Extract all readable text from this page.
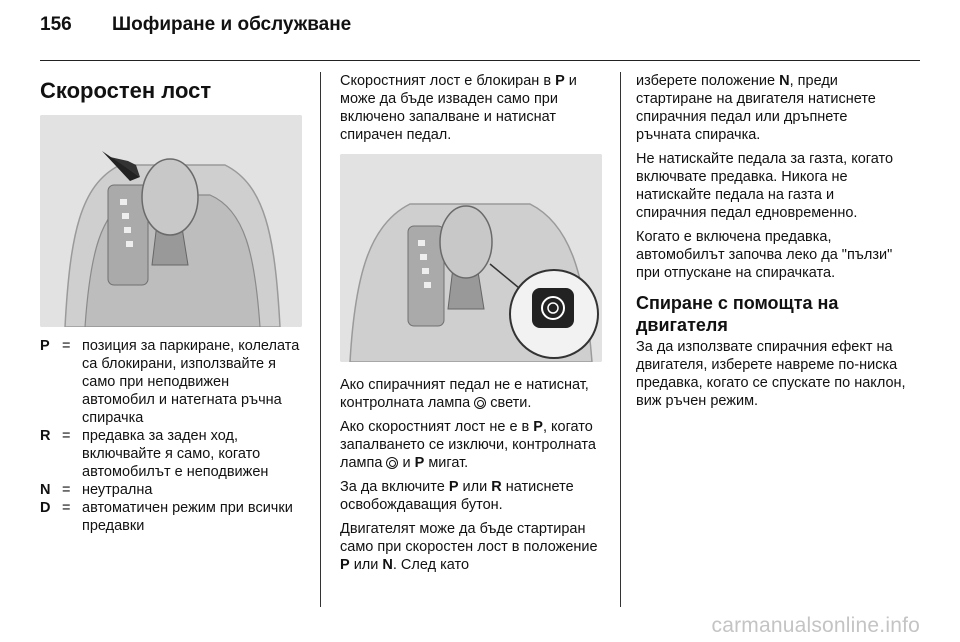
156 Шофиране и обслужване
Скоростен лост
P	=	позиция за паркиране, колелата са блокирани, използвайте я само при неподвижен автомобил и натегната ръчна спирачка
R	=	предавка за заден ход, включвайте я само, когато автомобилът е неподвижен
N	=	неутрална
D	=	автоматичен режим при всички предавки

Скоростният лост е блокиран в P и може да бъде изваден само при включено запалване и натиснат спирачен педал.

Ако спирачният педал не е натиснат, контролната лампа  свети.

Ако скоростният лост не е в P, когато запалването се изключи, контролната лампа  и P мигат.

За да включите P или R натиснете освобождаващия бутон.

Двигателят може да бъде стартиран само при скоростен лост в положение P или N. След като

изберете положение N, преди стартиране на двигателя натиснете спирачния педал или дръпнете ръчната спирачка.

Не натискайте педала за газта, когато включвате предавка. Никога не натискайте педала на газта и спирачния педал едновременно.

Когато е включена предавка, автомобилът започва леко да "пълзи" при отпускане на спирачката.

Спиране с помощта на двигателя

За да използвате спирачния ефект на двигателя, изберете навреме по-ниска предавка, когато се спускате по наклон, виж ръчен режим.

carmanualsonline.info
